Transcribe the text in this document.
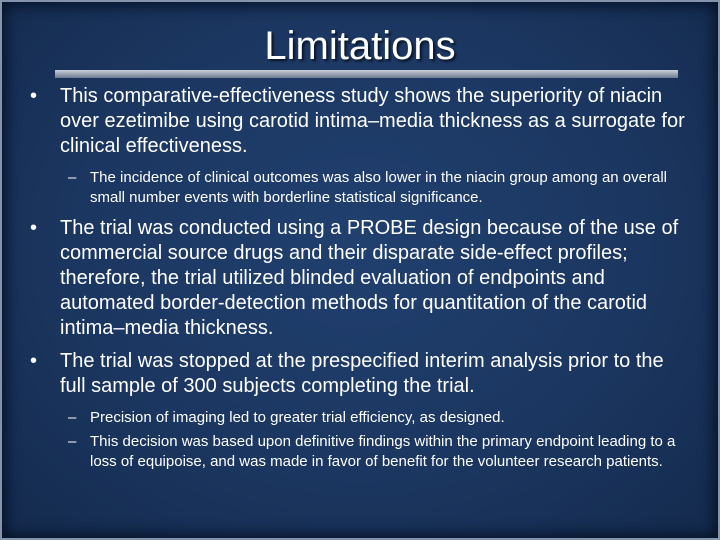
Limitations
•	This comparative-effectiveness study shows the superiority of niacin over ezetimibe using carotid intima–media thickness as a surrogate for clinical effectiveness.
– The incidence of clinical outcomes was also lower in the niacin group among an overall small number events with borderline statistical significance.
•	The trial was conducted using a PROBE design because of the use of commercial source drugs and their disparate side-effect profiles; therefore, the trial utilized blinded evaluation of endpoints and automated border-detection methods for quantitation of the carotid intima–media thickness.
•	The trial was stopped at the prespecified interim analysis prior to the full sample of 300 subjects completing the trial.
– Precision of imaging led to greater trial efficiency, as designed.
– This decision was based upon definitive findings within the primary endpoint leading to a loss of equipoise, and was made in favor of benefit for the volunteer research patients.
